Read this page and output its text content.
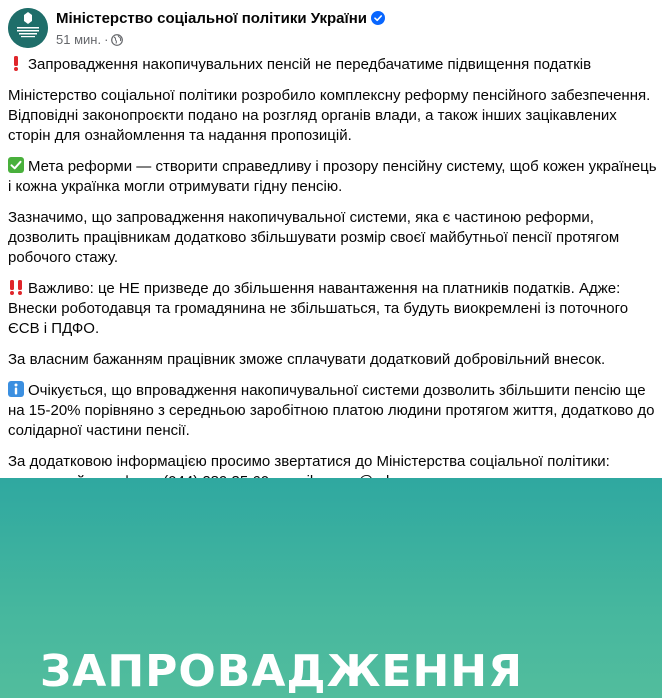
Міністерство соціальної політики України
51 мин. ·

Запровадження накопичувальних пенсій не передбачатиме підвищення податків

Міністерство соціальної політики розробило комплексну реформу пенсійного забезпечення. Відповідні законопроєкти подано на розгляд органів влади, а також інших зацікавлених сторін для ознайомлення та надання пропозицій.

Мета реформи — створити справедливу і прозору пенсійну систему, щоб кожен українець і кожна українка могли отримувати гідну пенсію.

Зазначимо, що запровадження накопичувальної системи, яка є частиною реформи, дозволить працівникам додатково збільшувати розмір своєї майбутньої пенсії протягом робочого стажу.

Важливо: це НЕ призведе до збільшення навантаження на платників податків. Адже: Внески роботодавця та громадянина не збільшаться, та будуть виокремлені із поточного ЄСВ і ПДФО.

За власним бажанням працівник зможе сплачувати додатковий добровільний внесок.

Очікується, що впровадження накопичувальної системи дозволить збільшити пенсію ще на 15-20% порівняно з середньою заробітною платою людини протягом життя, додатково до солідарної частини пенсії.

За додатковою інформацією просимо звертатися до Міністерства соціальної політики:

ЗАПРОВАДЖЕННЯ
